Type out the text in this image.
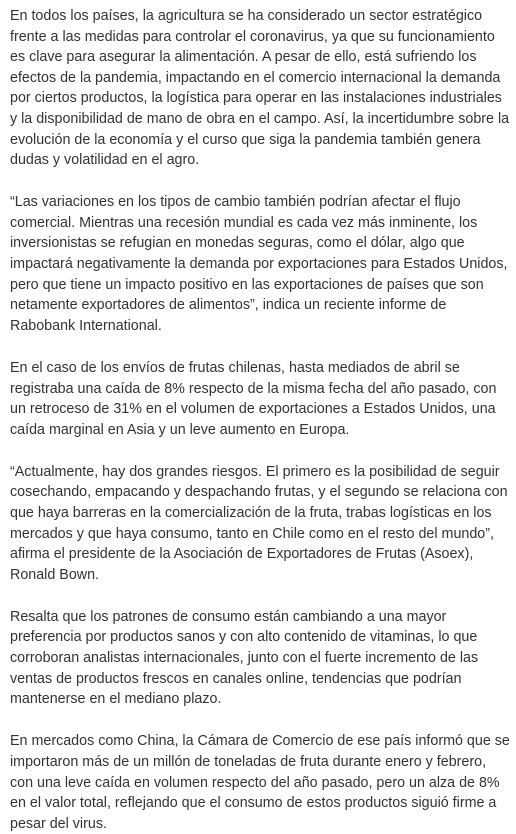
En todos los países, la agricultura se ha considerado un sector estratégico frente a las medidas para controlar el coronavirus, ya que su funcionamiento es clave para asegurar la alimentación. A pesar de ello, está sufriendo los efectos de la pandemia, impactando en el comercio internacional la demanda por ciertos productos, la logística para operar en las instalaciones industriales y la disponibilidad de mano de obra en el campo. Así, la incertidumbre sobre la evolución de la economía y el curso que siga la pandemia también genera dudas y volatilidad en el agro.

“Las variaciones en los tipos de cambio también podrían afectar el flujo comercial. Mientras una recesión mundial es cada vez más inminente, los inversionistas se refugian en monedas seguras, como el dólar, algo que impactará negativamente la demanda por exportaciones para Estados Unidos, pero que tiene un impacto positivo en las exportaciones de países que son netamente exportadores de alimentos”, indica un reciente informe de Rabobank International.

En el caso de los envíos de frutas chilenas, hasta mediados de abril se registraba una caída de 8% respecto de la misma fecha del año pasado, con un retroceso de 31% en el volumen de exportaciones a Estados Unidos, una caída marginal en Asia y un leve aumento en Europa.

“Actualmente, hay dos grandes riesgos. El primero es la posibilidad de seguir cosechando, empacando y despachando frutas, y el segundo se relaciona con que haya barreras en la comercialización de la fruta, trabas logísticas en los mercados y que haya consumo, tanto en Chile como en el resto del mundo”, afirma el presidente de la Asociación de Exportadores de Frutas (Asoex), Ronald Bown.

Resalta que los patrones de consumo están cambiando a una mayor preferencia por productos sanos y con alto contenido de vitaminas, lo que corroboran analistas internacionales, junto con el fuerte incremento de las ventas de productos frescos en canales online, tendencias que podrían mantenerse en el mediano plazo.

En mercados como China, la Cámara de Comercio de ese país informó que se importaron más de un millón de toneladas de fruta durante enero y febrero, con una leve caída en volumen respecto del año pasado, pero un alza de 8% en el valor total, reflejando que el consumo de estos productos siguió firme a pesar del virus.
